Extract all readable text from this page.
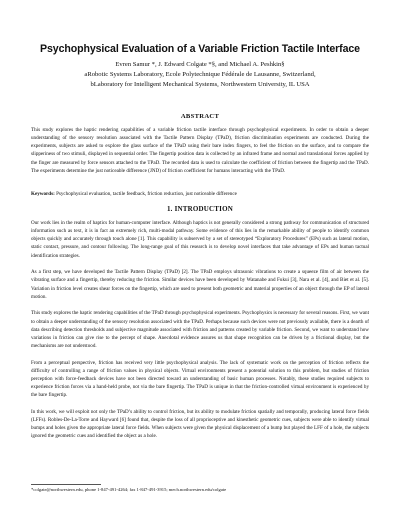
Psychophysical Evaluation of a Variable Friction Tactile Interface
Evren Samur *, J. Edward Colgate *§, and Michael A. Peshkin§
aRobotic Systems Laboratory, Ecole Polytechnique Fédérale de Lausanne, Switzerland,
bLaboratory for Intelligent Mechanical Systems, Northwestern University, IL USA
ABSTRACT
This study explores the haptic rendering capabilities of a variable friction tactile interface through psychophysical experiments. In order to obtain a deeper understanding of the sensory resolution associated with the Tactile Pattern Display (TPaD), friction discrimination experiments are conducted. During the experiments, subjects are asked to explore the glass surface of the TPaD using their bare index fingers, to feel the friction on the surface, and to compare the slipperiness of two stimuli, displayed in sequential order. The fingertip position data is collected by an infrared frame and normal and translational forces applied by the finger are measured by force sensors attached to the TPaD. The recorded data is used to calculate the coefficient of friction between the fingertip and the TPaD. The experiments determine the just noticeable difference (JND) of friction coefficient for humans interacting with the TPaD.
Keywords: Psychophysical evaluation, tactile feedback, friction reduction, just noticeable difference
1. INTRODUCTION

Our work lies in the realm of haptics for human-computer interface. Although haptics is not generally considered a strong pathway for communication of structured information such as text, it is in fact an extremely rich, multi-modal pathway. Some evidence of this lies in the remarkable ability of people to identify common objects quickly and accurately through touch alone [1]. This capability is subserved by a set of stereotyped “Exploratory Procedures” (EPs) such as lateral motion, static contact, pressure, and contour following. The long-range goal of this research is to develop novel interfaces that take advantage of EPs and human tactual identification strategies.

As a first step, we have developed the Tactile Pattern Display (TPaD) [2]. The TPaD employs ultrasonic vibrations to create a squeeze film of air between the vibrating surface and a fingertip, thereby reducing the friction. Similar devices have been developed by Watanabe and Fukui [3], Nara et al. [4], and Biet et al. [5]. Variation in friction level creates shear forces on the fingertip, which are used to present both geometric and material properties of an object through the EP of lateral motion.

This study explores the haptic rendering capabilities of the TPaD through psychophysical experiments. Psychophysics is necessary for several reasons. First, we want to obtain a deeper understanding of the sensory resolution associated with the TPaD. Perhaps because such devices were not previously available, there is a dearth of data describing detection thresholds and subjective magnitude associated with friction and patterns created by variable friction. Second, we want to understand how variations in friction can give rise to the percept of shape. Anecdotal evidence assures us that shape recognition can be driven by a frictional display, but the mechanisms are not understood.

From a perceptual perspective, friction has received very little psychophysical analysis. The lack of systematic work on the perception of friction reflects the difficulty of controlling a range of friction values in physical objects. Virtual environments present a potential solution to this problem, but studies of friction perception with force-feedback devices have not been directed toward an understanding of basic human processes. Notably, these studies required subjects to experience friction forces via a hand-held probe, not via the bare fingertip. The TPaD is unique in that the friction-controlled virtual environment is experienced by the bare fingertip.

In this work, we will exploit not only the TPaD’s ability to control friction, but its ability to modulate friction spatially and temporally, producing lateral force fields (LFFs). Robles-De-La-Torre and Hayward [6] found that, despite the loss of all proprioceptive and kinesthetic geometric cues, subjects were able to identify virtual bumps and holes given the appropriate lateral force fields. When subjects were given the physical displacement of a bump but played the LFF of a hole, the subjects ignored the geometric cues and identified the object as a hole.

*colgate@northwestern.edu, phone 1-847-491-4264; fax 1-847-491-3915; mech.northwestern.edu/colgate
